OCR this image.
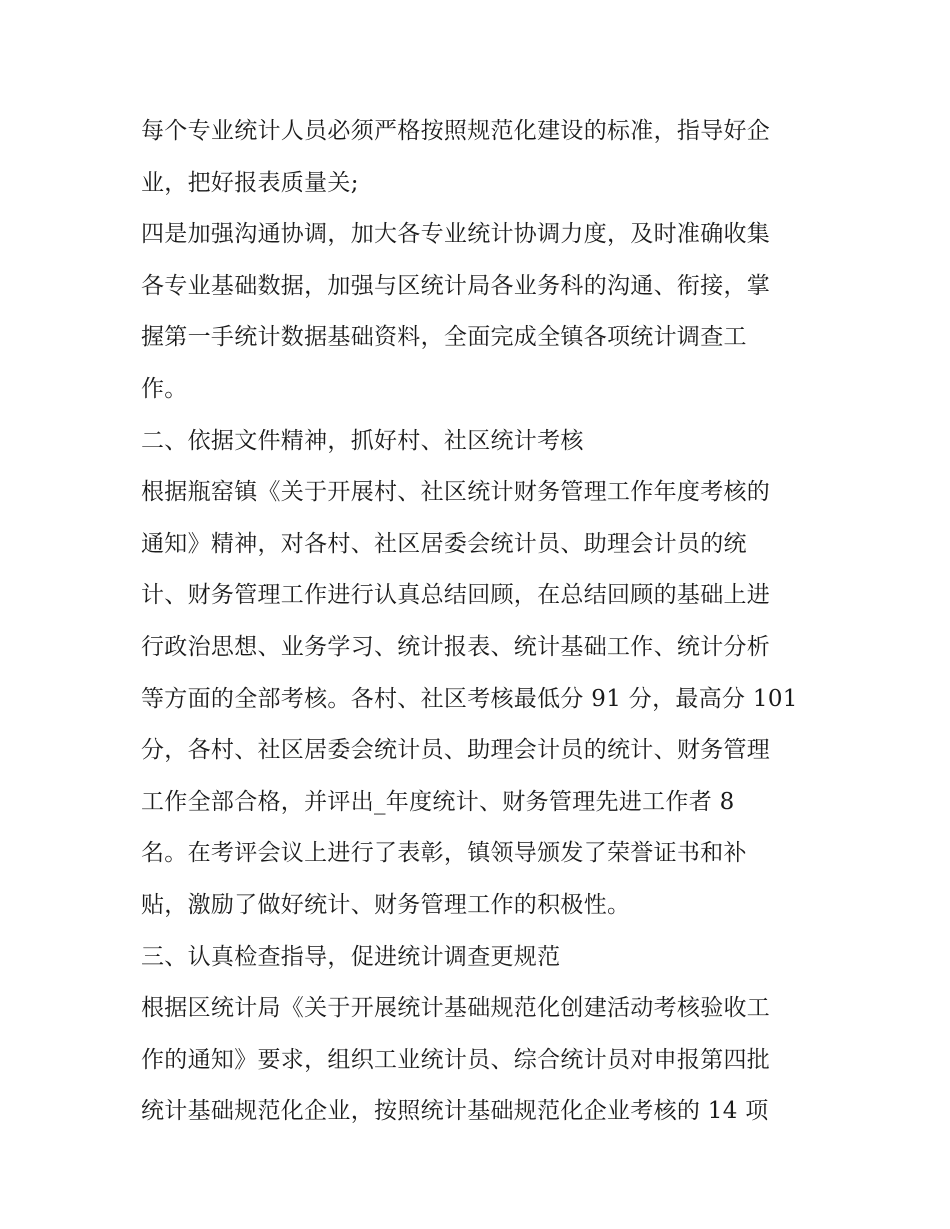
每个专业统计人员必须严格按照规范化建设的标准，指导好企
业，把好报表质量关;
四是加强沟通协调，加大各专业统计协调力度，及时准确收集
各专业基础数据，加强与区统计局各业务科的沟通、衔接，掌
握第一手统计数据基础资料，全面完成全镇各项统计调查工
作。
二、依据文件精神，抓好村、社区统计考核
根据瓶窑镇《关于开展村、社区统计财务管理工作年度考核的
通知》精神，对各村、社区居委会统计员、助理会计员的统
计、财务管理工作进行认真总结回顾，在总结回顾的基础上进
行政治思想、业务学习、统计报表、统计基础工作、统计分析
等方面的全部考核。各村、社区考核最低分 91 分，最高分 101
分，各村、社区居委会统计员、助理会计员的统计、财务管理
工作全部合格，并评出_年度统计、财务管理先进工作者 8
名。在考评会议上进行了表彰，镇领导颁发了荣誉证书和补
贴，激励了做好统计、财务管理工作的积极性。
三、认真检查指导，促进统计调查更规范
根据区统计局《关于开展统计基础规范化创建活动考核验收工
作的通知》要求，组织工业统计员、综合统计员对申报第四批
统计基础规范化企业，按照统计基础规范化企业考核的 14 项
